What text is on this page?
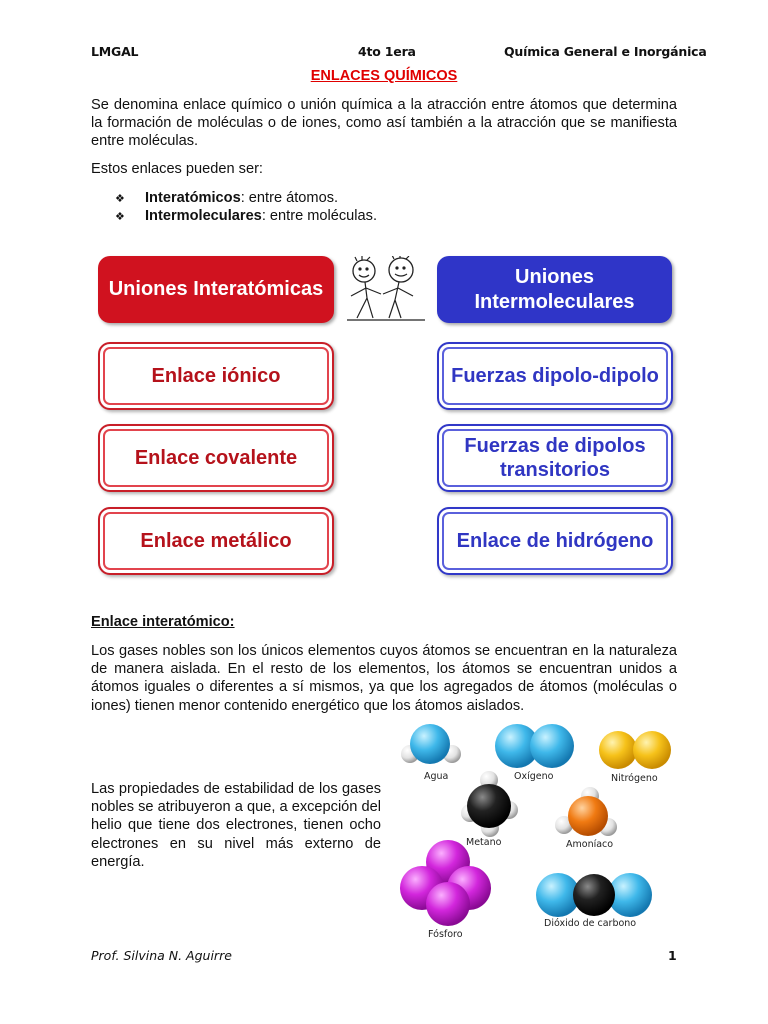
LMGAL	4to 1era	Química General e Inorgánica
ENLACES QUÍMICOS
Se denomina enlace químico o unión química a la atracción entre átomos que determina la formación de moléculas o de iones, como así también a la atracción que se manifiesta entre moléculas.
Estos enlaces pueden ser:
❖ Interatómicos: entre átomos.
❖ Intermoleculares: entre moléculas.
Uniones Interatómicas
Uniones Intermoleculares
Enlace iónico
Enlace covalente
Enlace metálico
Fuerzas dipolo-dipolo
Fuerzas de dipolos transitorios
Enlace de hidrógeno
Enlace interatómico:
Los gases nobles son los únicos elementos cuyos átomos se encuentran en la naturaleza de manera aislada. En el resto de los elementos, los átomos se encuentran unidos a átomos iguales o diferentes a sí mismos, ya que los agregados de átomos (moléculas o iones) tienen menor contenido energético que los átomos aislados.
Las propiedades de estabilidad de los gases nobles se atribuyeron a que, a excepción del helio que tiene dos electrones, tienen ocho electrones en su nivel más externo de energía.
Agua	Oxígeno	Nitrógeno
Metano	Amoníaco
Fósforo
Dióxido de carbono
Prof. Silvina N. Aguirre	1
